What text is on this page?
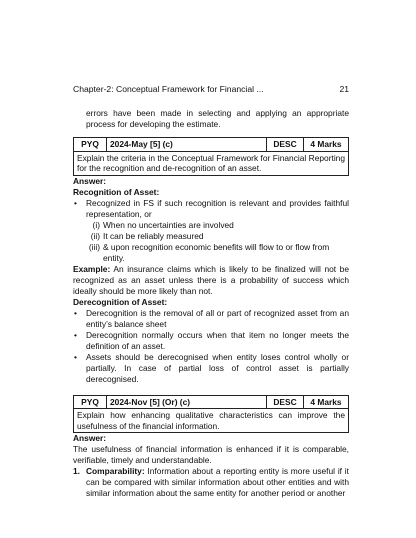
Chapter-2: Conceptual Framework for Financial ...	21
errors have been made in selecting and applying an appropriate process for developing the estimate.
PYQ	2024-May [5] (c)	DESC	4 Marks
Explain the criteria in the Conceptual Framework for Financial Reporting for the recognition and de-recognition of an asset.
Answer:
Recognition of Asset:
• Recognized in FS if such recognition is relevant and provides faithful representation, or
(i) When no uncertainties are involved
(ii) It can be reliably measured
(iii) & upon recognition economic benefits will flow to or flow from entity.
Example: An insurance claims which is likely to be finalized will not be recognized as an asset unless there is a probability of success which ideally should be more likely than not.
Derecognition of Asset:
• Derecognition is the removal of all or part of recognized asset from an entity’s balance sheet
• Derecognition normally occurs when that item no longer meets the definition of an asset.
• Assets should be derecognised when entity loses control wholly or partially. In case of partial loss of control asset is partially derecognised.
PYQ	2024-Nov [5] (Or) (c)	DESC	4 Marks
Explain how enhancing qualitative characteristics can improve the usefulness of the financial information.
Answer:
The usefulness of financial information is enhanced if it is comparable, verifiable, timely and understandable.
1. Comparability: Information about a reporting entity is more useful if it can be compared with similar information about other entities and with similar information about the same entity for another period or another
